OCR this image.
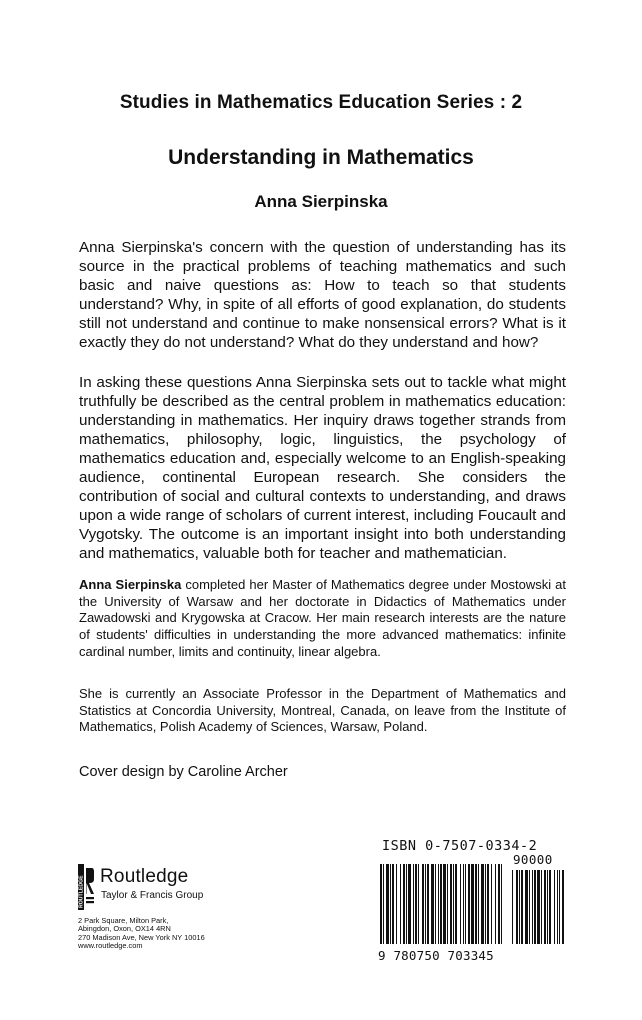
Studies in Mathematics Education Series : 2
Understanding in Mathematics
Anna Sierpinska

Anna Sierpinska's concern with the question of understanding has its source in the practical problems of teaching mathematics and such basic and naive questions as: How to teach so that students understand? Why, in spite of all efforts of good explanation, do students still not understand and continue to make nonsensical errors? What is it exactly they do not understand? What do they understand and how?

In asking these questions Anna Sierpinska sets out to tackle what might truthfully be described as the central problem in mathematics education: understanding in mathematics. Her inquiry draws together strands from mathematics, philosophy, logic, linguistics, the psychology of mathematics education and, especially welcome to an English-speaking audience, continental European research. She considers the contribution of social and cultural contexts to understanding, and draws upon a wide range of scholars of current interest, including Foucault and Vygotsky. The outcome is an important insight into both understanding and mathematics, valuable both for teacher and mathematician.

Anna Sierpinska completed her Master of Mathematics degree under Mostowski at the University of Warsaw and her doctorate in Didactics of Mathematics under Zawadowski and Krygowska at Cracow. Her main research interests are the nature of students' difficulties in understanding the more advanced mathematics: infinite cardinal number, limits and continuity, linear algebra.

She is currently an Associate Professor in the Department of Mathematics and Statistics at Concordia University, Montreal, Canada, on leave from the Institute of Mathematics, Polish Academy of Sciences, Warsaw, Poland.

Cover design by Caroline Archer
ROUTLEDGE Routledge
Taylor & Francis Group
2 Park Square, Milton Park,
Abingdon, Oxon, OX14 4RN
270 Madison Ave, New York NY 10016
www.routledge.com
ISBN 0-7507-0334-2
90000
9 780750 703345
